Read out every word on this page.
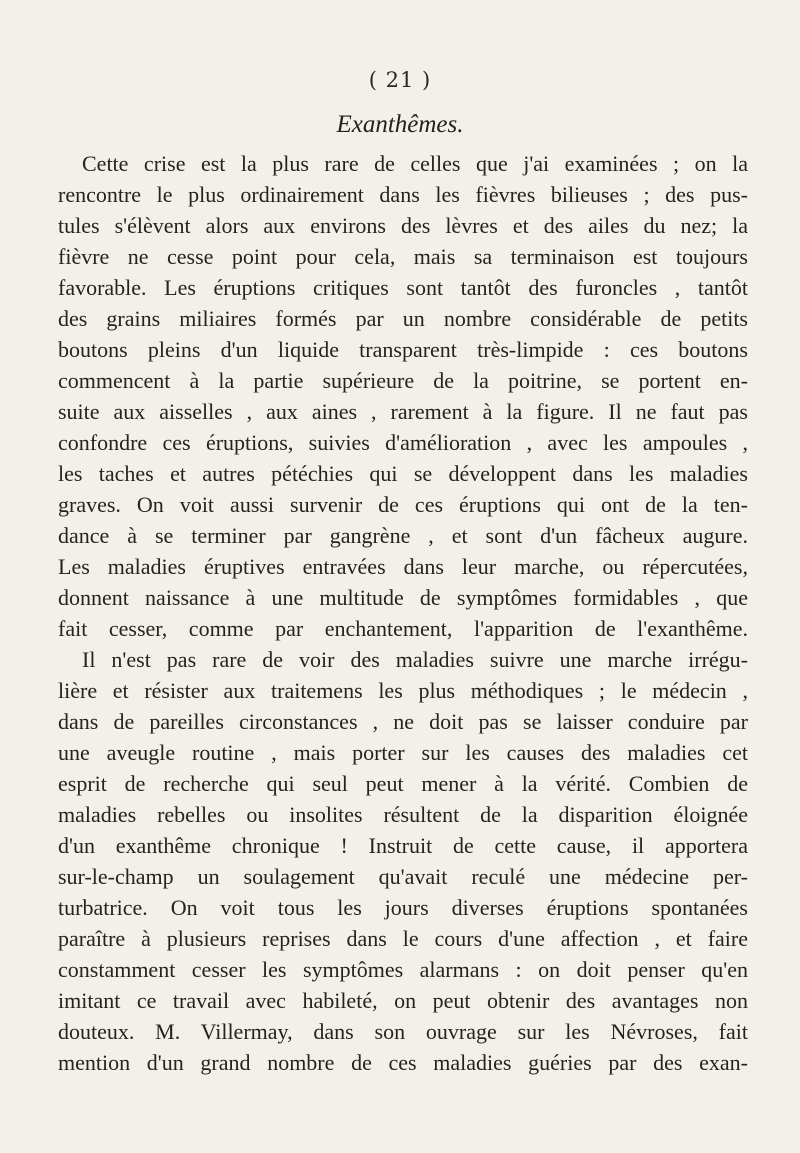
( 21 )
Exanthêmes.
Cette crise est la plus rare de celles que j'ai examinées ; on la
rencontre le plus ordinairement dans les fièvres bilieuses ; des pus-
tules s'élèvent alors aux environs des lèvres et des ailes du nez; la
fièvre ne cesse point pour cela, mais sa terminaison est toujours
favorable. Les éruptions critiques sont tantôt des furoncles , tantôt
des grains miliaires formés par un nombre considérable de petits
boutons pleins d'un liquide transparent très-limpide : ces boutons
commencent à la partie supérieure de la poitrine, se portent en-
suite aux aisselles , aux aines , rarement à la figure. Il ne faut pas
confondre ces éruptions, suivies d'amélioration , avec les ampoules ,
les taches et autres pétéchies qui se développent dans les maladies
graves. On voit aussi survenir de ces éruptions qui ont de la ten-
dance à se terminer par gangrène , et sont d'un fâcheux augure.
Les maladies éruptives entravées dans leur marche, ou répercutées,
donnent naissance à une multitude de symptômes formidables , que
fait cesser, comme par enchantement, l'apparition de l'exanthême.
Il n'est pas rare de voir des maladies suivre une marche irrégu-
lière et résister aux traitemens les plus méthodiques ; le médecin ,
dans de pareilles circonstances , ne doit pas se laisser conduire par
une aveugle routine , mais porter sur les causes des maladies cet
esprit de recherche qui seul peut mener à la vérité. Combien de
maladies rebelles ou insolites résultent de la disparition éloignée
d'un exanthême chronique ! Instruit de cette cause, il apportera
sur-le-champ un soulagement qu'avait reculé une médecine per-
turbatrice. On voit tous les jours diverses éruptions spontanées
paraître à plusieurs reprises dans le cours d'une affection , et faire
constamment cesser les symptômes alarmans : on doit penser qu'en
imitant ce travail avec habileté, on peut obtenir des avantages non
douteux. M. Villermay, dans son ouvrage sur les Névroses, fait
mention d'un grand nombre de ces maladies guéries par des exan-
